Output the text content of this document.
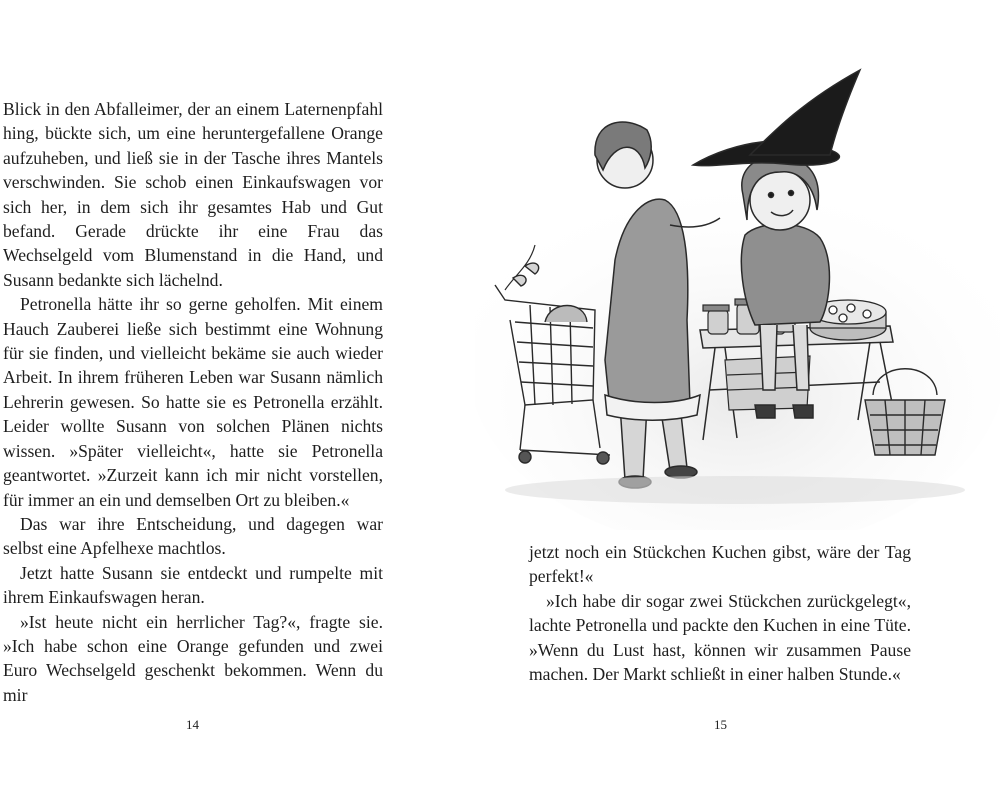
Blick in den Abfalleimer, der an einem Laternenpfahl hing, bückte sich, um eine heruntergefallene Orange aufzuheben, und ließ sie in der Tasche ihres Mantels verschwinden. Sie schob einen Einkaufswagen vor sich her, in dem sich ihr gesamtes Hab und Gut befand. Gerade drückte ihr eine Frau das Wechselgeld vom Blumenstand in die Hand, und Susann bedankte sich lächelnd.

Petronella hätte ihr so gerne geholfen. Mit einem Hauch Zauberei ließe sich bestimmt eine Wohnung für sie finden, und vielleicht bekäme sie auch wieder Arbeit. In ihrem früheren Leben war Susann nämlich Lehrerin gewesen. So hatte sie es Petronella erzählt. Leider wollte Susann von solchen Plänen nichts wissen. »Später vielleicht«, hatte sie Petronella geantwortet. »Zurzeit kann ich mir nicht vorstellen, für immer an ein und demselben Ort zu bleiben.«

Das war ihre Entscheidung, und dagegen war selbst eine Apfelhexe machtlos.

Jetzt hatte Susann sie entdeckt und rumpelte mit ihrem Einkaufswagen heran.

»Ist heute nicht ein herrlicher Tag?«, fragte sie. »Ich habe schon eine Orange gefunden und zwei Euro Wechselgeld geschenkt bekommen. Wenn du mir

14

jetzt noch ein Stückchen Kuchen gibst, wäre der Tag perfekt!«

»Ich habe dir sogar zwei Stückchen zurückgelegt«, lachte Petronella und packte den Kuchen in eine Tüte. »Wenn du Lust hast, können wir zusammen Pause machen. Der Markt schließt in einer halben Stunde.«

15
